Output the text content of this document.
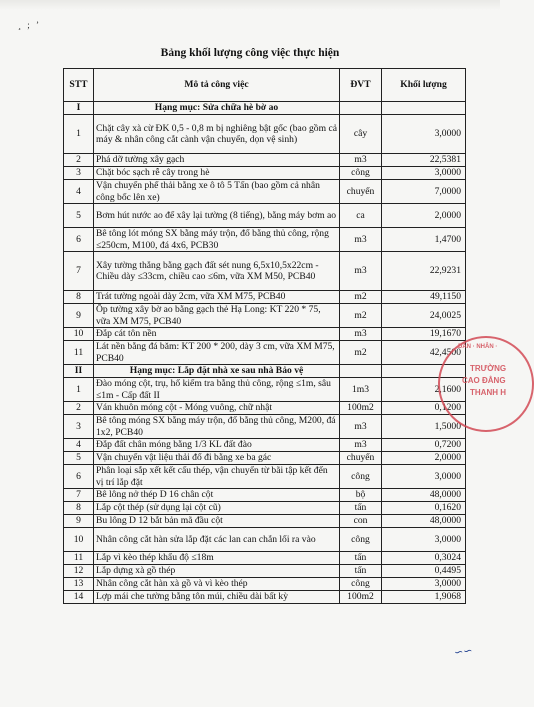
¸ ; ’
Bảng khối lượng công việc thực hiện
STT	Mô tả công việc	ĐVT	Khối lượng
I	Hạng mục: Sửa chữa hè bờ ao		
1	Chặt cây xà cừ ĐK 0,5 - 0,8 m bị nghiêng bật gốc (bao gồm cả máy & nhân công cắt cành vận chuyển, dọn vệ sinh)	cây	3,0000
2	Phá dỡ tường xây gạch	m3	22,5381
3	Chặt bóc sạch rễ cây trong hè	công	3,0000
4	Vận chuyển phế thải bằng xe ô tô 5 Tấn (bao gồm cả nhân công bốc lên xe)	chuyến	7,0000
5	Bơm hút nước ao để xây lại tường (8 tiếng), bằng máy bơm ao	ca	2,0000
6	Bê tông lót móng SX bằng máy trộn, đổ bằng thủ công, rộng ≤250cm, M100, đá 4x6, PCB30	m3	1,4700
7	Xây tường thẳng bằng gạch đất sét nung 6,5x10,5x22cm - Chiều dày ≤33cm, chiều cao ≤6m, vữa XM M50, PCB40	m3	22,9231
8	Trát tường ngoài dày 2cm, vữa XM M75, PCB40	m2	49,1150
9	Ốp tường xây bờ ao bằng gạch thẻ Hạ Long: KT 220 * 75, vữa XM M75, PCB40	m2	24,0025
10	Đắp cát tôn nền	m3	19,1670
11	Lát nền bằng đá băm: KT 200 * 200, dày 3 cm, vữa XM M75, PCB40	m2	42,4500
II	Hạng mục: Lắp đặt nhà xe sau nhà Bảo vệ		
1	Đào móng cột, trụ, hố kiểm tra bằng thủ công, rộng ≤1m, sâu ≤1m - Cấp đất II	1m3	2,1600
2	Ván khuôn móng cột - Móng vuông, chữ nhật	100m2	0,1200
3	Bê tông móng SX bằng máy trộn, đổ bằng thủ công, M200, đá 1x2, PCB40	m3	1,5000
4	Đắp đất chân móng bằng 1/3 KL đất đào	m3	0,7200
5	Vận chuyển vật liệu thải đổ đi bằng xe ba gác	chuyến	2,0000
6	Phân loại sắp xết kết cấu thép, vận chuyển từ bãi tập kết đến vị trí lắp đặt	công	3,0000
7	Bê lông nở thép D 16 chân cột	bộ	48,0000
8	Lắp cột thép (sử dụng lại cột cũ)	tấn	0,1620
9	Bu lông D 12 bắt bản mã đầu cột	con	48,0000
10	Nhân công cắt hàn sửa lắp đặt các lan can chắn lối ra vào	công	3,0000
11	Lắp vì kèo thép khẩu độ ≤18m	tấn	0,3024
12	Lắp dựng xà gồ thép	tấn	0,4495
13	Nhân công cắt hàn xà gồ và vì kèo thép	công	3,0000
14	Lợp mái che tường bằng tôn múi, chiều dài bất kỳ	100m2	1,9068
DÂN · NHÂN ·
TRƯỜNG
CAO ĐẲNG
THANH H
∽∽
